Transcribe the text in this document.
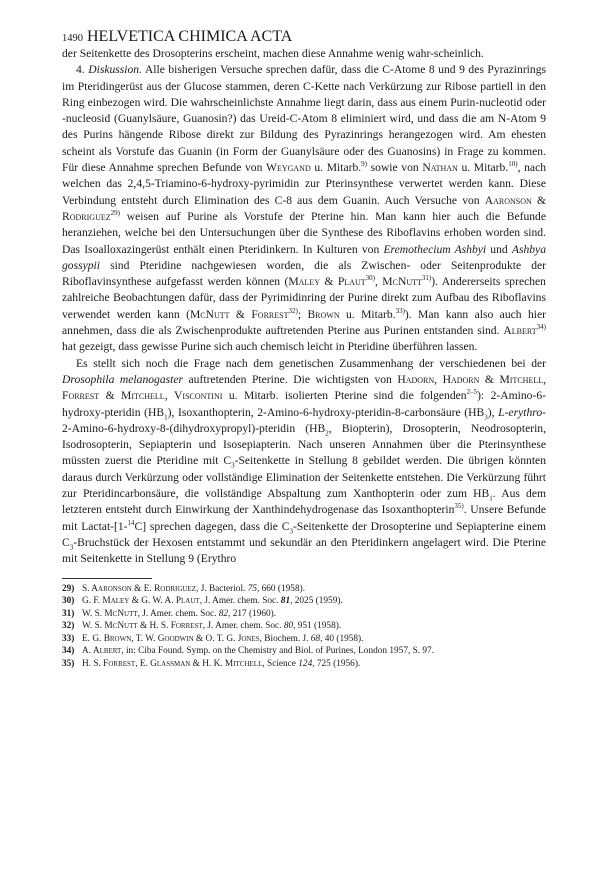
1490 HELVETICA CHIMICA ACTA

der Seitenkette des Drosopterins erscheint, machen diese Annahme wenig wahr-scheinlich.

4. Diskussion. Alle bisherigen Versuche sprechen dafür, dass die C-Atome 8 und 9 des Pyrazinrings im Pteridingerüst aus der Glucose stammen, deren C-Kette nach Verkürzung zur Ribose partiell in den Ring einbezogen wird. Die wahrscheinlichste Annahme liegt darin, dass aus einem Purin-nucleotid oder -nucleosid (Guanylsäure, Guanosin?) das Ureid-C-Atom 8 eliminiert wird, und dass die am N-Atom 9 des Purins hängende Ribose direkt zur Bildung des Pyrazinrings herangezogen wird. Am ehesten scheint als Vorstufe das Guanin (in Form der Guanylsäure oder des Guanosins) in Frage zu kommen. Für diese Annahme sprechen Befunde von Weygand u. Mitarb.$^{9)}$ sowie von Nathan u. Mitarb.$^{10)}$, nach welchen das 2,4,5-Triamino-6-hydroxy-pyrimidin zur Pterinsynthese verwertet werden kann. Diese Verbindung entsteht durch Elimination des C-8 aus dem Guanin. Auch Versuche von Aaronson & Rodriguez$^{29)}$ weisen auf Purine als Vorstufe der Pterine hin. Man kann hier auch die Befunde heranziehen, welche bei den Untersuchungen über die Synthese des Riboflavins erhoben worden sind. Das Isoalloxazingerüst enthält einen Pteridinkern. In Kulturen von Eremothecium Ashbyi und Ashbya gossypii sind Pteridine nachgewiesen worden, die als Zwischen- oder Seitenprodukte der Riboflavinsynthese aufgefasst werden können (Maley & Plaut$^{30)}$, McNutt$^{31)}$). Andererseits sprechen zahlreiche Beobachtungen dafür, dass der Pyrimidinring der Purine direkt zum Aufbau des Riboflavins verwendet werden kann (McNutt & Forrest$^{32)}$; Brown u. Mitarb.$^{33)}$). Man kann also auch hier annehmen, dass die als Zwischenprodukte auftretenden Pterine aus Purinen entstanden sind. Albert$^{34)}$ hat gezeigt, dass gewisse Purine sich auch chemisch leicht in Pteridine überführen lassen.

Es stellt sich noch die Frage nach dem genetischen Zusammenhang der verschiedenen bei der Drosophila melanogaster auftretenden Pterine. Die wichtigsten von Hadorn, Hadorn & Mitchell, Forrest & Mitchell, Viscontini u. Mitarb. isolierten Pterine sind die folgenden$^{2-5}$): 2-Amino-6-hydroxy-pteridin $(HB_1)$, Isoxanthopterin, 2-Amino-6-hydroxy-pteridin-8-carbonsäure $(HB_3)$, L-erythro-2-Amino-6-hydroxy-8-(dihydroxypropyl)-pteridin ($HB_2$, Biopterin), Drosopterin, Neodrosopterin, Isodrosopterin, Sepiapterin und Isosepiapterin. Nach unseren Annahmen über die Pterinsynthese müssten zuerst die Pteridine mit $C_3$-Seitenkette in Stellung 8 gebildet werden. Die übrigen könnten daraus durch Verkürzung oder vollständige Elimination der Seitenkette entstehen. Die Verkürzung führt zur Pteridincarbonsäure, die vollständige Abspaltung zum Xanthopterin oder zum $HB_1$. Aus dem letzteren entsteht durch Einwirkung der Xanthindehydrogenase das Isoxanthopterin$^{35)}$. Unsere Befunde mit Lactat-[1-$^{14}$C] sprechen dagegen, dass die $C_3$-Seitenkette der Drosopterine und Sepiapterine einem $C_3$-Bruchstück der Hexosen entstammt und sekundär an den Pteridinkern angelagert wird. Die Pterine mit Seitenkette in Stellung 9 (Erythro

29) S. Aaronson & E. Rodriguez, J. Bacteriol. 75, 660 (1958).
30) G. F. Maley & G. W. A. Plaut, J. Amer. chem. Soc. 81, 2025 (1959).
31) W. S. McNutt, J. Amer. chem. Soc. 82, 217 (1960).
32) W. S. McNutt & H. S. Forrest, J. Amer. chem. Soc. 80, 951 (1958).
33) E. G. Brown, T. W. Goodwin & O. T. G. Jones, Biochem. J. 68, 40 (1958).
34) A. Albert, in: Ciba Found. Symp. on the Chemistry and Biol. of Purines, London 1957, S. 97.
35) H. S. Forrest, E. Glassman & H. K. Mitchell, Science 124, 725 (1956).
